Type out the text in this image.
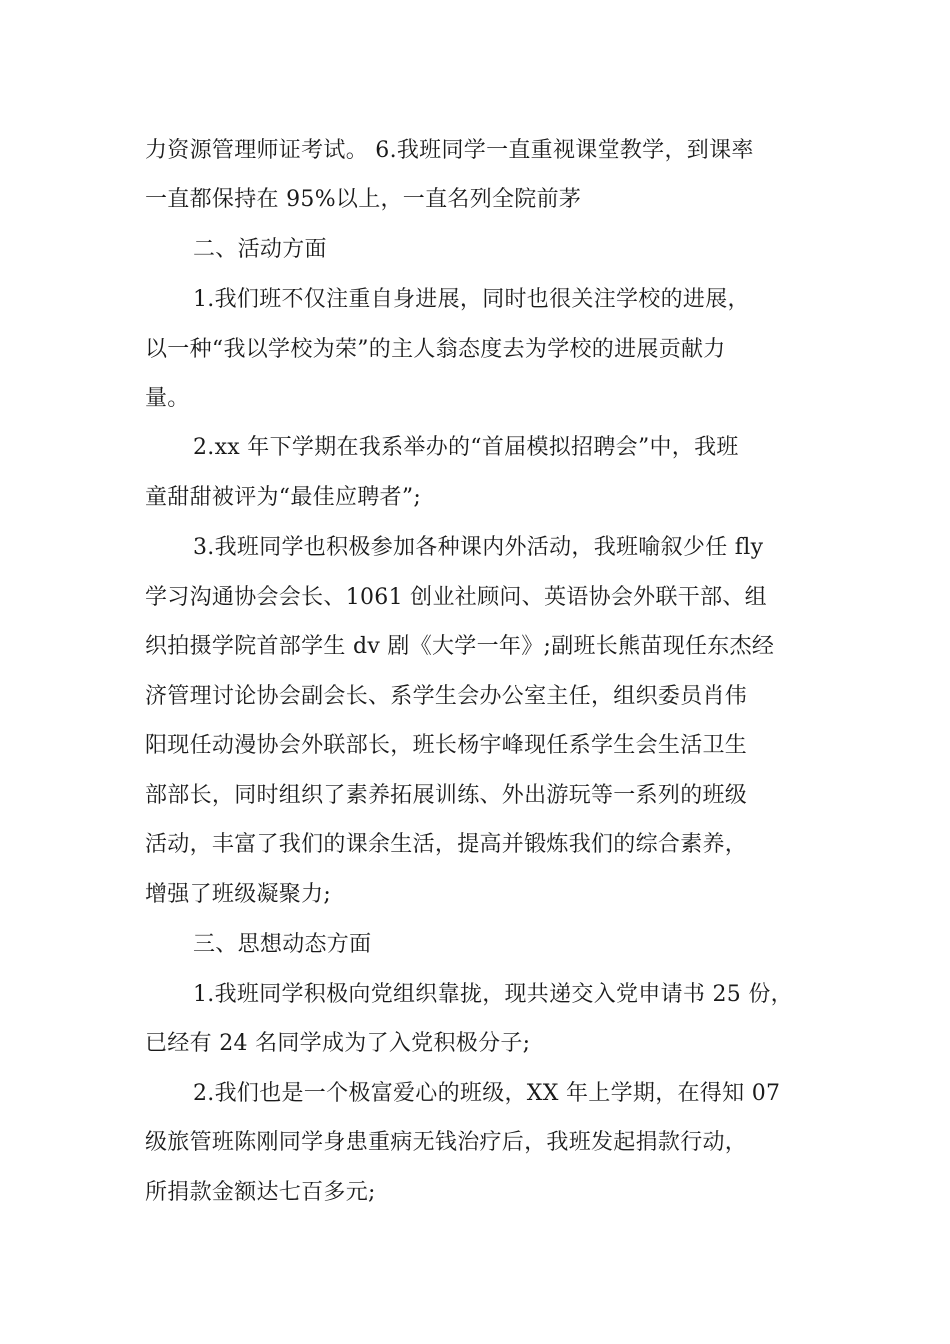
力资源管理师证考试。 6.我班同学一直重视课堂教学，到课率
一直都保持在 95%以上，一直名列全院前茅
二、活动方面
1.我们班不仅注重自身进展，同时也很关注学校的进展，
以一种“我以学校为荣”的主人翁态度去为学校的进展贡献力
量。
2.xx 年下学期在我系举办的“首届模拟招聘会”中，我班
童甜甜被评为“最佳应聘者”;
3.我班同学也积极参加各种课内外活动，我班喻叙少任 fly
学习沟通协会会长、1061 创业社顾问、英语协会外联干部、组
织拍摄学院首部学生 dv 剧《大学一年》;副班长熊苗现任东杰经
济管理讨论协会副会长、系学生会办公室主任，组织委员肖伟
阳现任动漫协会外联部长，班长杨宇峰现任系学生会生活卫生
部部长，同时组织了素养拓展训练、外出游玩等一系列的班级
活动，丰富了我们的课余生活，提高并锻炼我们的综合素养，
增强了班级凝聚力;
三、思想动态方面
1.我班同学积极向党组织靠拢，现共递交入党申请书 25 份，
已经有 24 名同学成为了入党积极分子;
2.我们也是一个极富爱心的班级，XX 年上学期，在得知 07
级旅管班陈刚同学身患重病无钱治疗后，我班发起捐款行动，
所捐款金额达七百多元;
